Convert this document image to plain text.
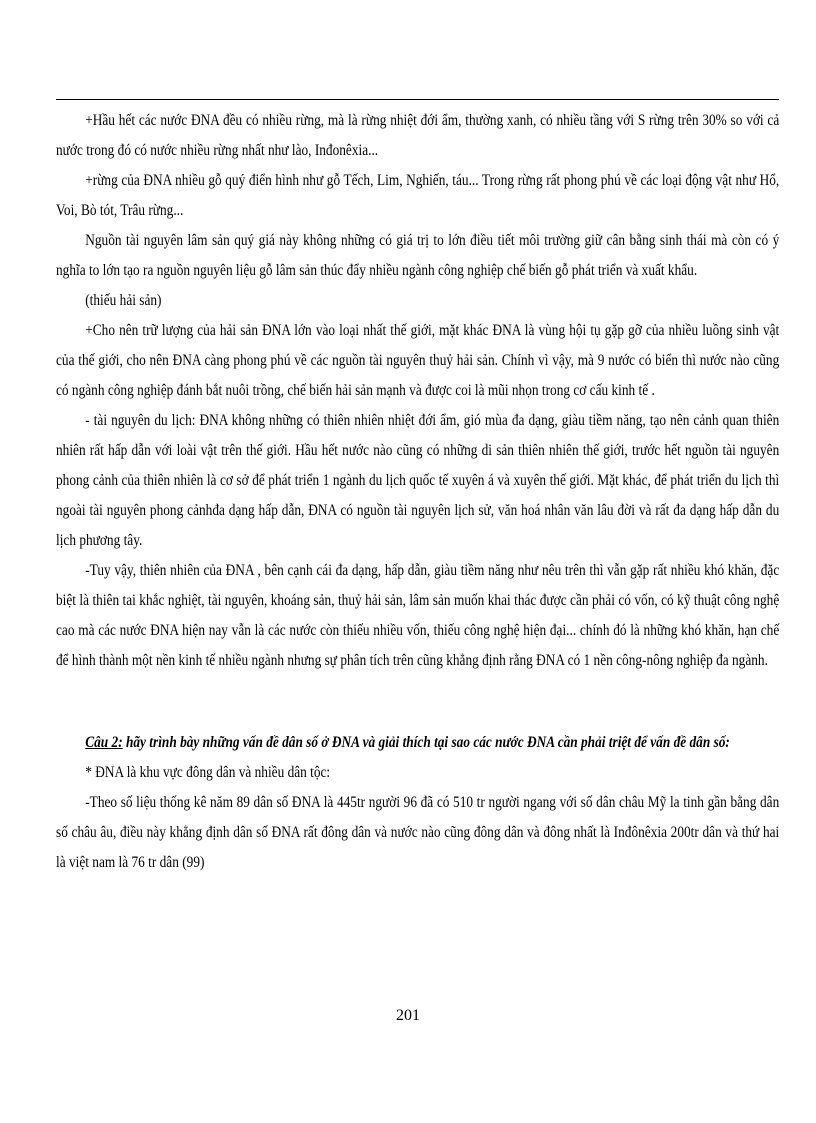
+Hầu hết các nước ĐNA đều có nhiều rừng, mà là rừng nhiệt đới ẩm, thường xanh, có nhiều tầng với S rừng trên 30% so với cả nước trong đó có nước nhiều rừng nhất như lào, Inđonêxia...

+rừng của ĐNA nhiều gỗ quý điển hình như gỗ Tếch, Lim, Nghiến, táu... Trong rừng rất phong phú về các loại động vật như Hổ, Voi, Bò tót, Trâu rừng...

Nguồn tài nguyên lâm sản quý giá này không những có giá trị to lớn điều tiết môi trường giữ cân bằng sinh thái mà còn có ý nghĩa to lớn tạo ra nguồn nguyên liệu gỗ lâm sản thúc đẩy nhiều ngành công nghiệp chế biến gỗ phát triển và xuất khẩu.

(thiếu hải sản)

+Cho nên trữ lượng của hải sản ĐNA lớn vào loại nhất thế giới, mặt khác ĐNA là vùng hội tụ gặp gỡ của nhiều luồng sinh vật của thế giới, cho nên ĐNA càng phong phú về các nguồn tài nguyên thuỷ hải sản. Chính vì vậy, mà 9 nước có biển thì nước nào cũng có ngành công nghiệp đánh bắt nuôi trồng, chế biến hải sản mạnh và được coi là mũi nhọn trong cơ cấu kinh tế .

- tài nguyên du lịch: ĐNA không những có thiên nhiên nhiệt đới ẩm, gió mùa đa dạng, giàu tiềm năng, tạo nên cảnh quan thiên nhiên rất hấp dẫn với loài vật trên thế giới. Hầu hết nước nào cũng có những di sản thiên nhiên thế giới, trước hết nguồn tài nguyên phong cảnh của thiên nhiên là cơ sở để phát triển 1 ngành du lịch quốc tế xuyên á và xuyên thế giới. Mặt khác, để phát triển du lịch thì ngoài tài nguyên phong cảnhđa dạng hấp dẫn, ĐNA có nguồn tài nguyên lịch sử, văn hoá nhân văn lâu đời và rất đa dạng hấp dẫn du lịch phương tây.

-Tuy vậy, thiên nhiên của ĐNA , bên cạnh cái đa dạng, hấp dẫn, giàu tiềm năng như nêu trên thì vẫn gặp rất nhiều khó khăn, đặc biệt là thiên tai khắc nghiệt, tài nguyên, khoáng sản, thuỷ hải sản, lâm sản muốn khai thác được cần phải có vốn, có kỹ thuật công nghệ cao mà các nước ĐNA hiện nay vẫn là các nước còn thiếu nhiều vốn, thiếu công nghệ hiện đại... chính đó là những khó khăn, hạn chế để hình thành một nền kinh tế nhiều ngành nhưng sự phân tích trên cũng khẳng định rằng ĐNA có 1 nền công-nông nghiệp đa ngành.

Câu 2: hãy trình bày những vấn đề dân số ở ĐNA và giải thích tại sao các nước ĐNA cần phải triệt để vấn đề dân số:

* ĐNA là khu vực đông dân và nhiều dân tộc:

-Theo số liệu thống kê năm 89 dân số ĐNA là 445tr người 96 đã có 510 tr người ngang với số dân châu Mỹ la tinh gần bằng dân số châu âu, điều này khẳng định dân số ĐNA rất đông dân và nước nào cũng đông dân và đông nhất là Inđônêxia 200tr dân và thứ hai là việt nam là 76 tr dân (99)

201
